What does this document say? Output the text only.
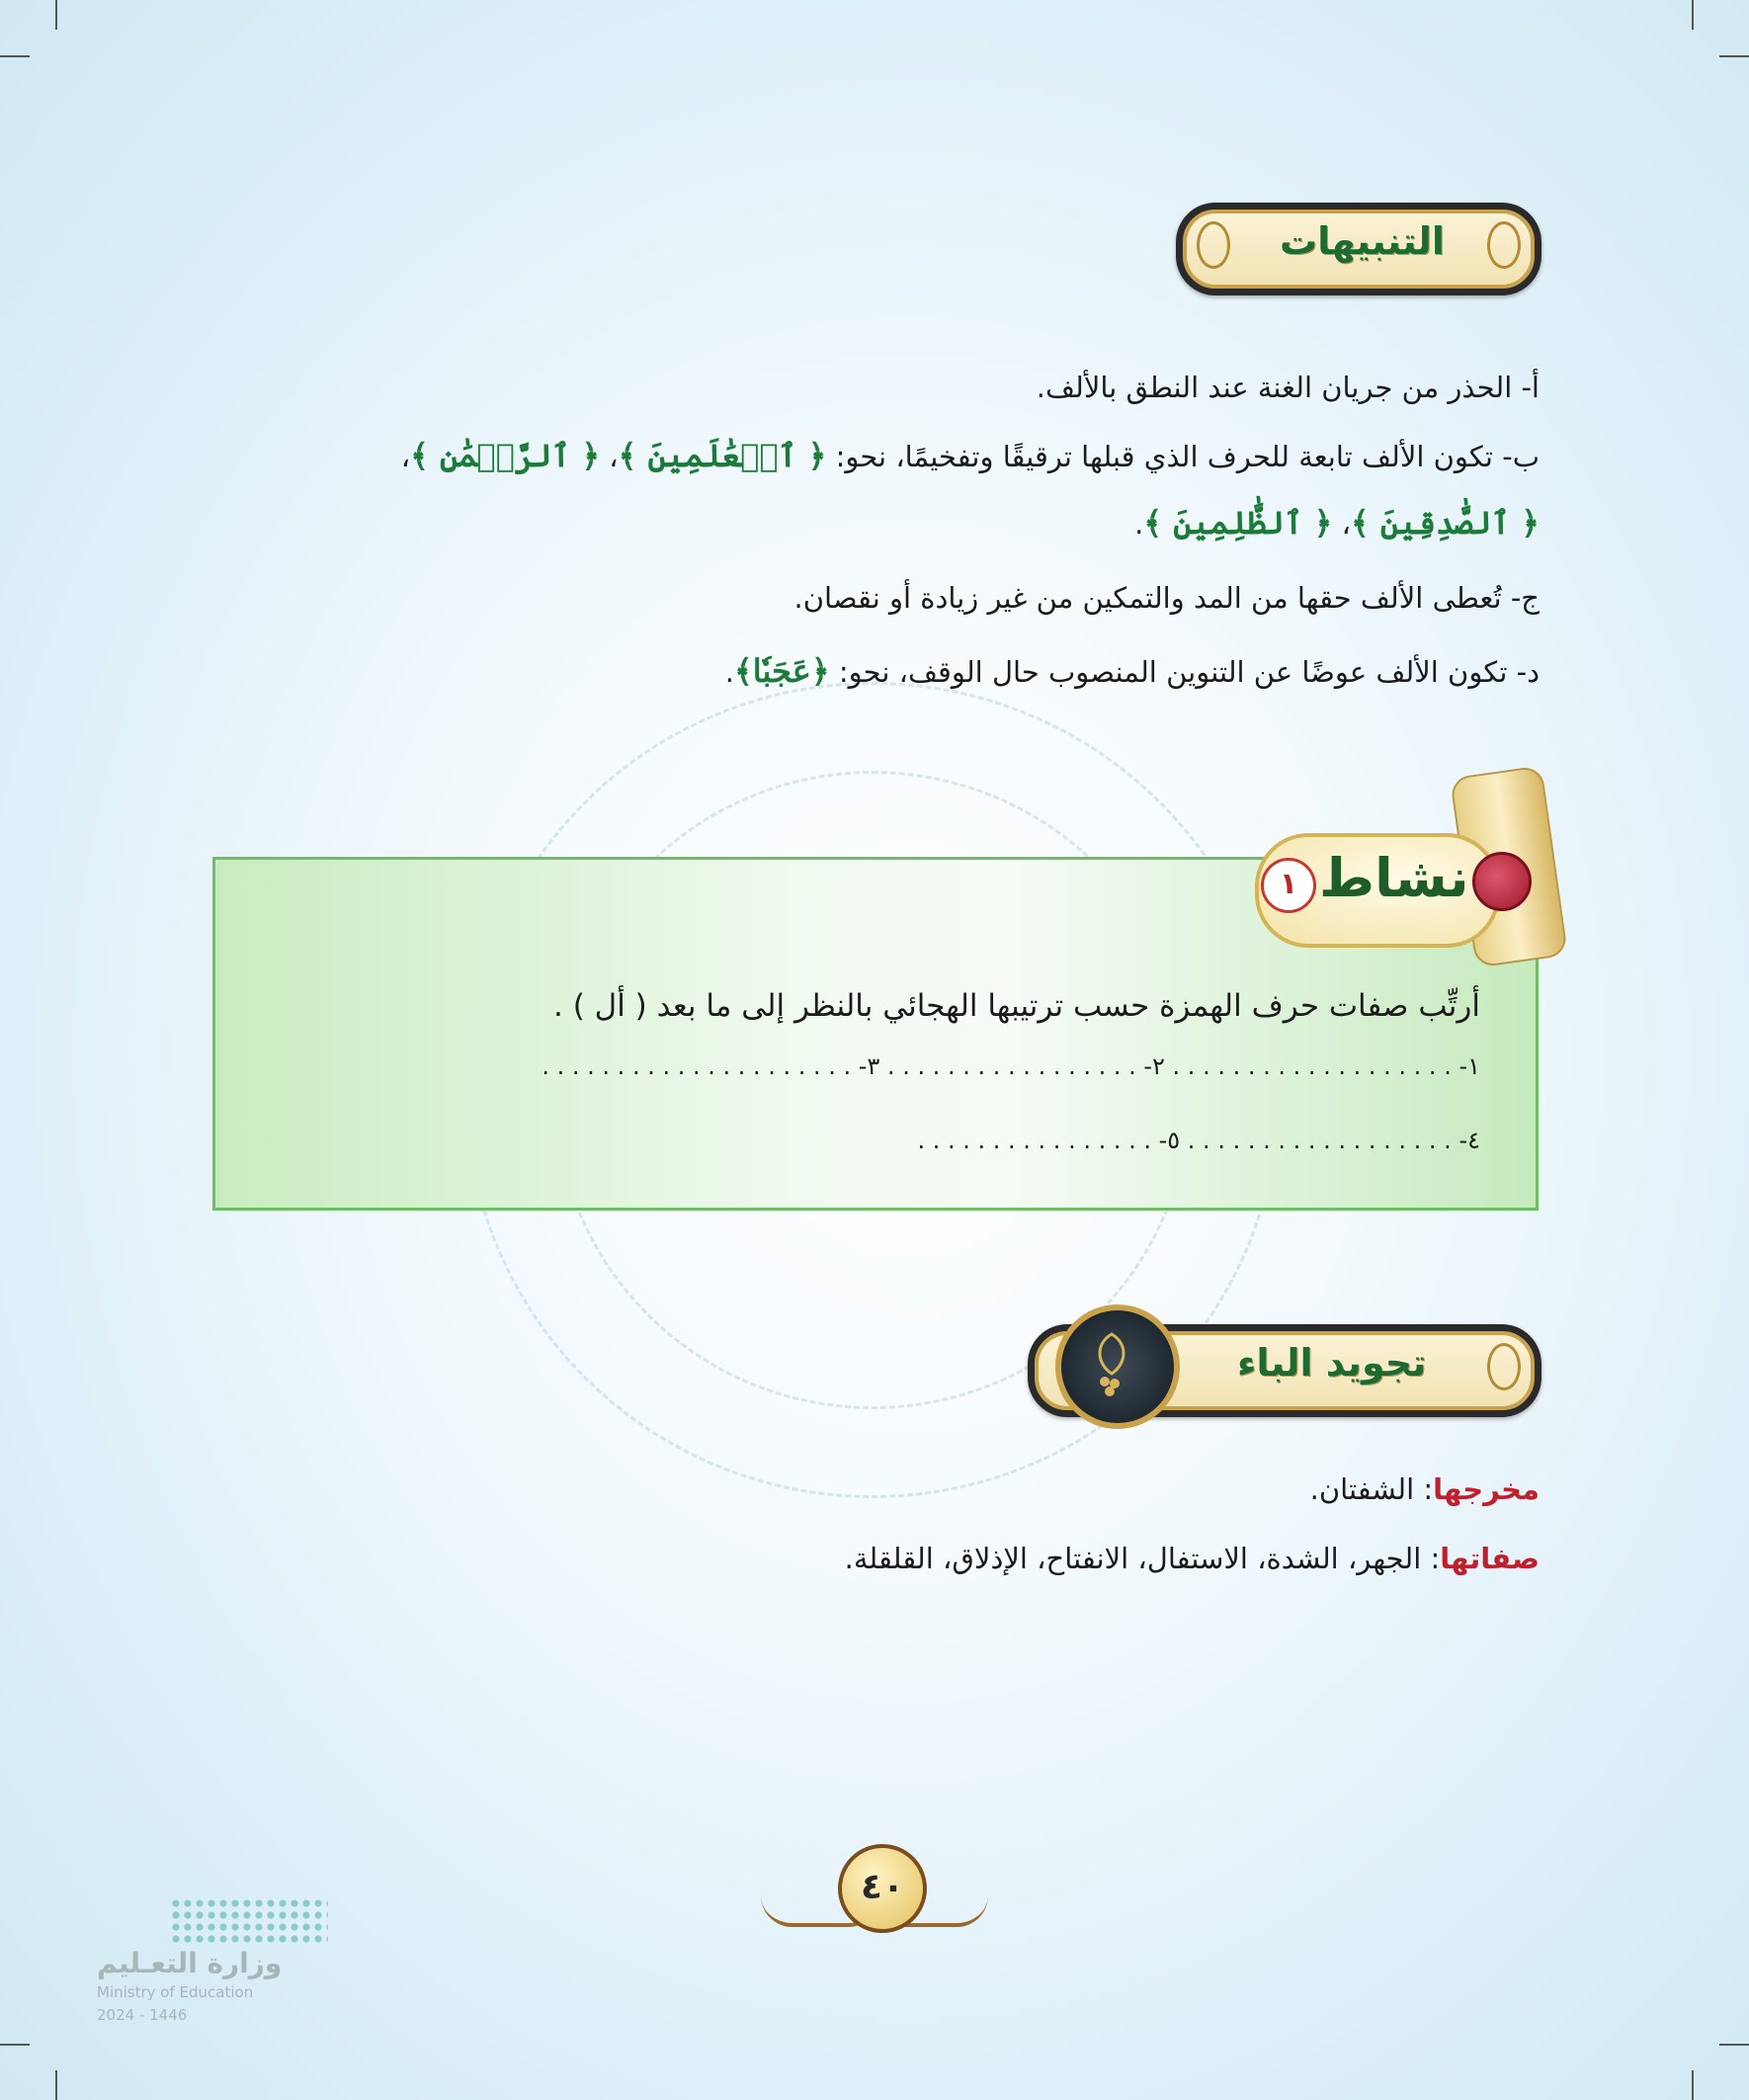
التنبيهات
أ- الحذر من جريان الغنة عند النطق بالألف.
ب- تكون الألف تابعة للحرف الذي قبلها ترقيقًا وتفخيمًا، نحو: ﴿ ٱلۡعَٰلَمِينَ ﴾، ﴿ ٱلرَّحۡمَٰنِ ﴾،
﴿ ٱلصَّٰدِقِينَ ﴾، ﴿ ٱلظَّٰلِمِينَ ﴾.
ج- تُعطى الألف حقها من المد والتمكين من غير زيادة أو نقصان.
د- تكون الألف عوضًا عن التنوين المنصوب حال الوقف، نحو: ﴿عَجَبٗا﴾.
نشاط
١
أرتِّب صفات حرف الهمزة حسب ترتيبها الهجائي بالنظر إلى ما بعد ( أل ) .
١- . . . . . . . . . . . . . . . . . . . ٢- . . . . . . . . . . . . . . . . . ٣- . . . . . . . . . . . . . . . . . . . . .
٤- . . . . . . . . . . . . . . . . . . ٥- . . . . . . . . . . . . . . . .
تجويد الباء
مخرجها: الشفتان.
صفاتها: الجهر، الشدة، الاستفال، الانفتاح، الإذلاق، القلقلة.
٤٠
وزارة التعـليم
Ministry of Education
2024 - 1446
